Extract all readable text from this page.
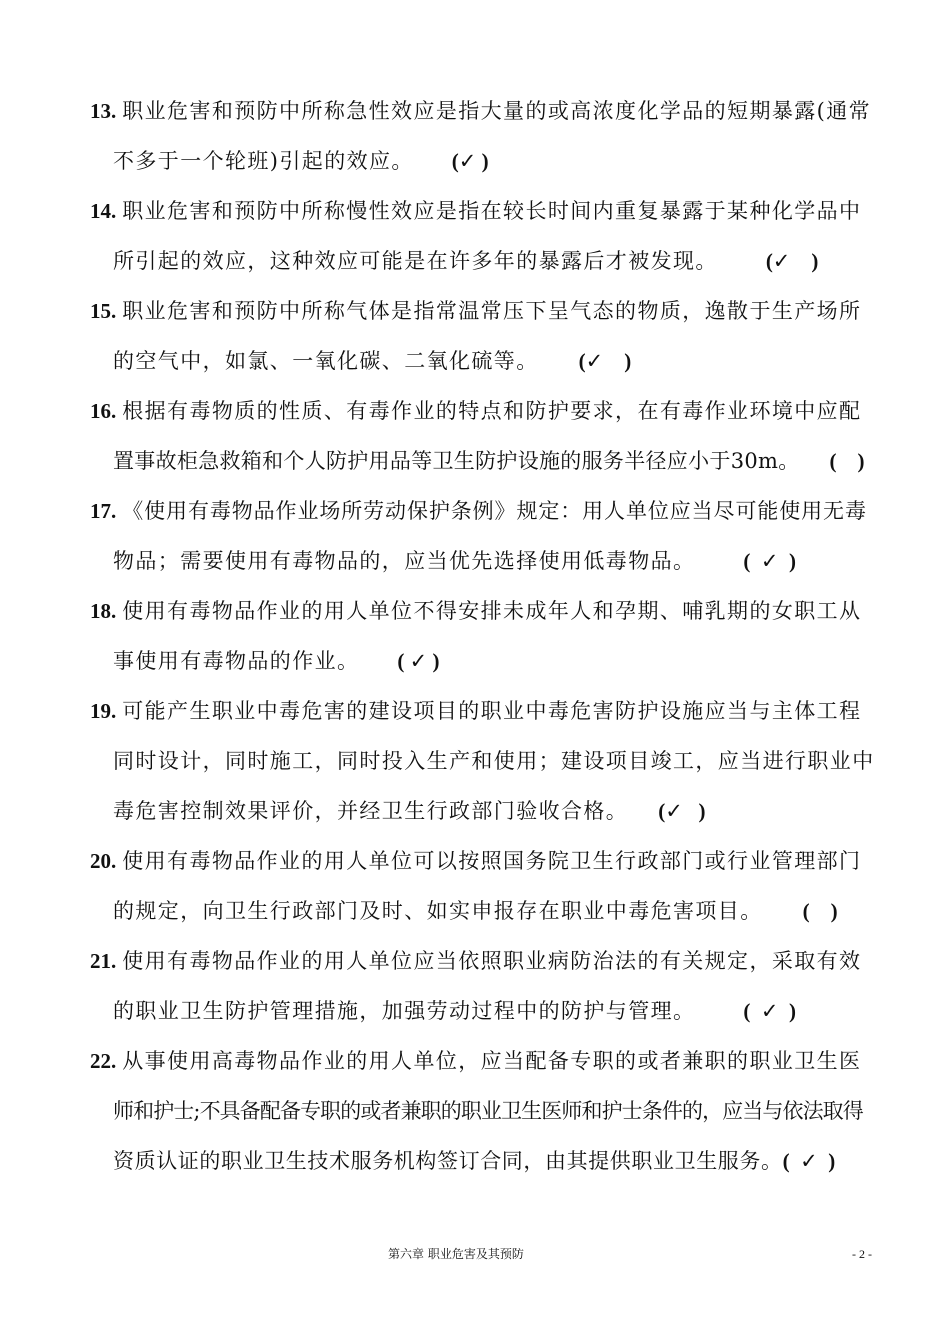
13. 职业危害和预防中所称急性效应是指大量的或高浓度化学品的短期暴露(通常
不多于一个轮班)引起的效应。 (✓ )
14. 职业危害和预防中所称慢性效应是指在较长时间内重复暴露于某种化学品中
所引起的效应，这种效应可能是在许多年的暴露后才被发现。 (✓    )
15. 职业危害和预防中所称气体是指常温常压下呈气态的物质，逸散于生产场所
的空气中，如氯、一氧化碳、二氧化硫等。 (✓    )
16. 根据有毒物质的性质、有毒作业的特点和防护要求，在有毒作业环境中应配
置事故柜急救箱和个人防护用品等卫生防护设施的服务半径应小于30m。 (    )
17. 《使用有毒物品作业场所劳动保护条例》规定：用人单位应当尽可能使用无毒
物品；需要使用有毒物品的，应当优先选择使用低毒物品。 (  ✓  )
18. 使用有毒物品作业的用人单位不得安排未成年人和孕期、哺乳期的女职工从
事使用有毒物品的作业。 ( ✓ )
19. 可能产生职业中毒危害的建设项目的职业中毒危害防护设施应当与主体工程
同时设计，同时施工，同时投入生产和使用；建设项目竣工，应当进行职业中
毒危害控制效果评价，并经卫生行政部门验收合格。 (✓   )
20. 使用有毒物品作业的用人单位可以按照国务院卫生行政部门或行业管理部门
的规定，向卫生行政部门及时、如实申报存在职业中毒危害项目。 (    )
21. 使用有毒物品作业的用人单位应当依照职业病防治法的有关规定，采取有效
的职业卫生防护管理措施，加强劳动过程中的防护与管理。 (  ✓  )
22. 从事使用高毒物品作业的用人单位，应当配备专职的或者兼职的职业卫生医
师和护士;不具备配备专职的或者兼职的职业卫生医师和护士条件的，应当与依法取得
资质认证的职业卫生技术服务机构签订合同，由其提供职业卫生服务。(  ✓  )
第六章 职业危害及其预防	- 2 -
